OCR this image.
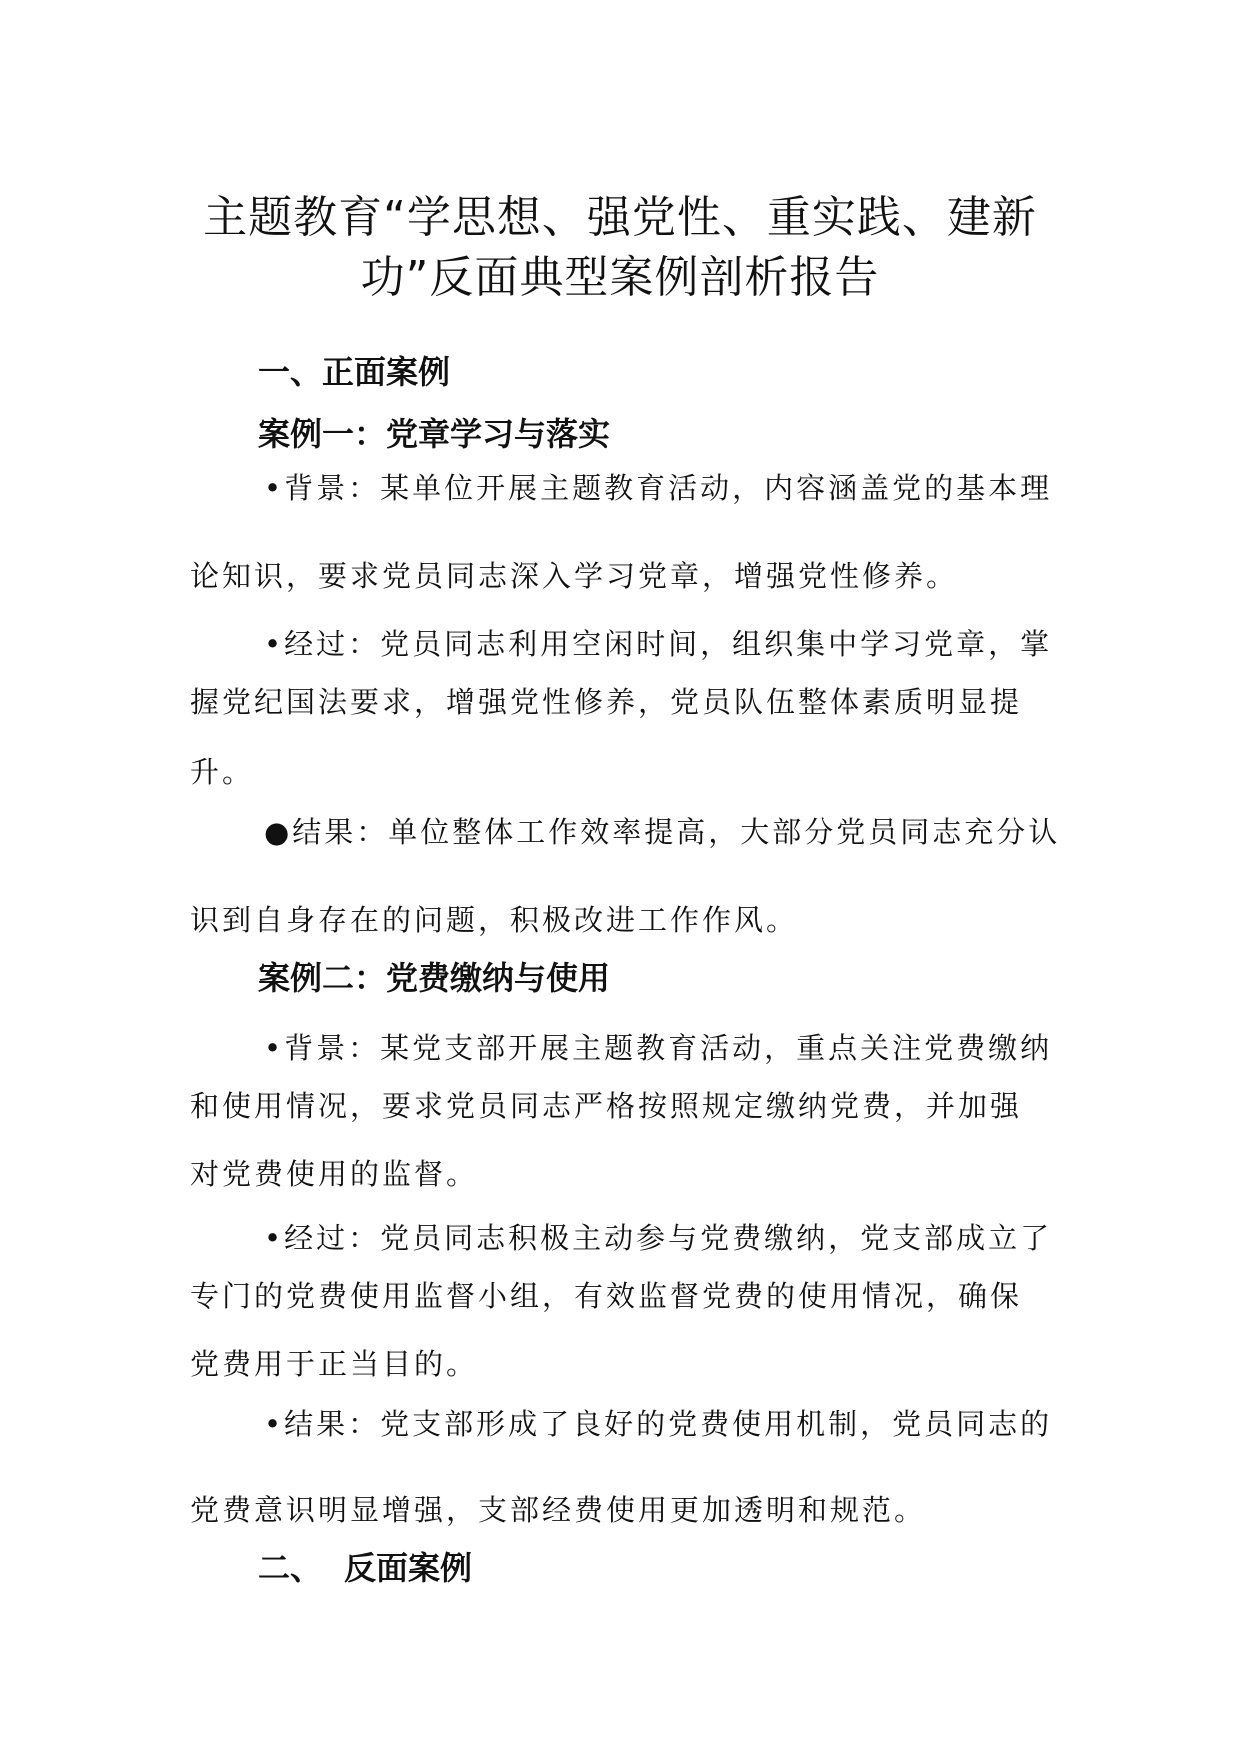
主题教育“学思想、强党性、重实践、建新
功”反面典型案例剖析报告
一、正面案例
案例一：党章学习与落实

•背景：某单位开展主题教育活动，内容涵盖党的基本理

论知识，要求党员同志深入学习党章，增强党性修养。

•经过：党员同志利用空闲时间，组织集中学习党章，掌

握党纪国法要求，增强党性修养，党员队伍整体素质明显提

升。

●结果：单位整体工作效率提高，大部分党员同志充分认

识到自身存在的问题，积极改进工作作风。

案例二：党费缴纳与使用

•背景：某党支部开展主题教育活动，重点关注党费缴纳

和使用情况，要求党员同志严格按照规定缴纳党费，并加强

对党费使用的监督。

•经过：党员同志积极主动参与党费缴纳，党支部成立了

专门的党费使用监督小组，有效监督党费的使用情况，确保

党费用于正当目的。

•结果：党支部形成了良好的党费使用机制，党员同志的

党费意识明显增强，支部经费使用更加透明和规范。

二、 反面案例
